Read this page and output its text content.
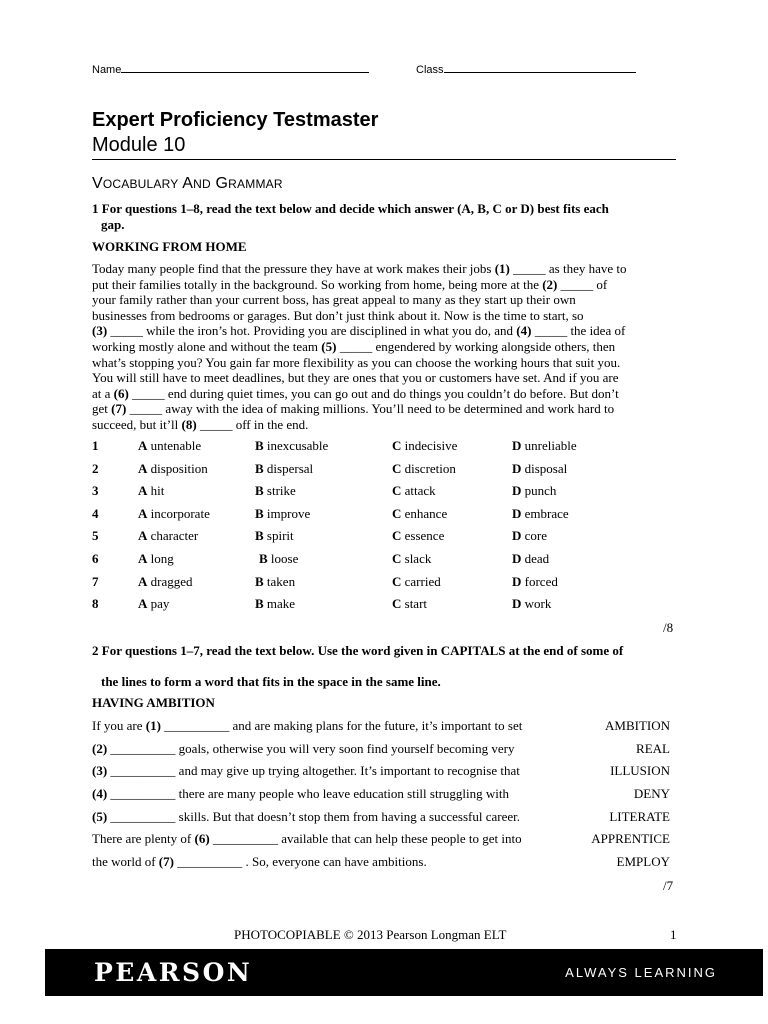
Name	Class
Expert Proficiency Testmaster
Module 10
VOCABULARY AND GRAMMAR
1 For questions 1–8, read the text below and decide which answer (A, B, C or D) best fits each
gap.
WORKING FROM HOME
Today many people find that the pressure they have at work makes their jobs (1) _____ as they have to
put their families totally in the background. So working from home, being more at the (2) _____ of
your family rather than your current boss, has great appeal to many as they start up their own
businesses from bedrooms or garages. But don’t just think about it. Now is the time to start, so
(3) _____ while the iron’s hot. Providing you are disciplined in what you do, and (4) _____ the idea of
working mostly alone and without the team (5) _____ engendered by working alongside others, then
what’s stopping you? You gain far more flexibility as you can choose the working hours that suit you.
You will still have to meet deadlines, but they are ones that you or customers have set. And if you are
at a (6) _____ end during quiet times, you can go out and do things you couldn’t do before. But don’t
get (7) _____ away with the idea of making millions. You’ll need to be determined and work hard to
succeed, but it’ll (8) _____ off in the end.
1	A untenable	B inexcusable	C indecisive	D unreliable
2	A disposition	B dispersal	C discretion	D disposal
3	A hit	B strike	C attack	D punch
4	A incorporate	B improve	C enhance	D embrace
5	A character	B spirit	C essence	D core
6	A long	B loose	C slack	D dead
7	A dragged	B taken	C carried	D forced
8	A pay	B make	C start	D work
/8
2 For questions 1–7, read the text below. Use the word given in CAPITALS at the end of some of
the lines to form a word that fits in the space in the same line.
HAVING AMBITION
If you are (1) __________ and are making plans for the future, it’s important to set	AMBITION
(2) __________ goals, otherwise you will very soon find yourself becoming very	REAL
(3) __________ and may give up trying altogether. It’s important to recognise that	ILLUSION
(4) __________ there are many people who leave education still struggling with	DENY
(5) __________ skills. But that doesn’t stop them from having a successful career.	LITERATE
There are plenty of (6) __________ available that can help these people to get into	APPRENTICE
the world of (7) __________ . So, everyone can have ambitions.	EMPLOY
/7
PHOTOCOPIABLE © 2013 Pearson Longman ELT	1
PEARSON	ALWAYS LEARNING
